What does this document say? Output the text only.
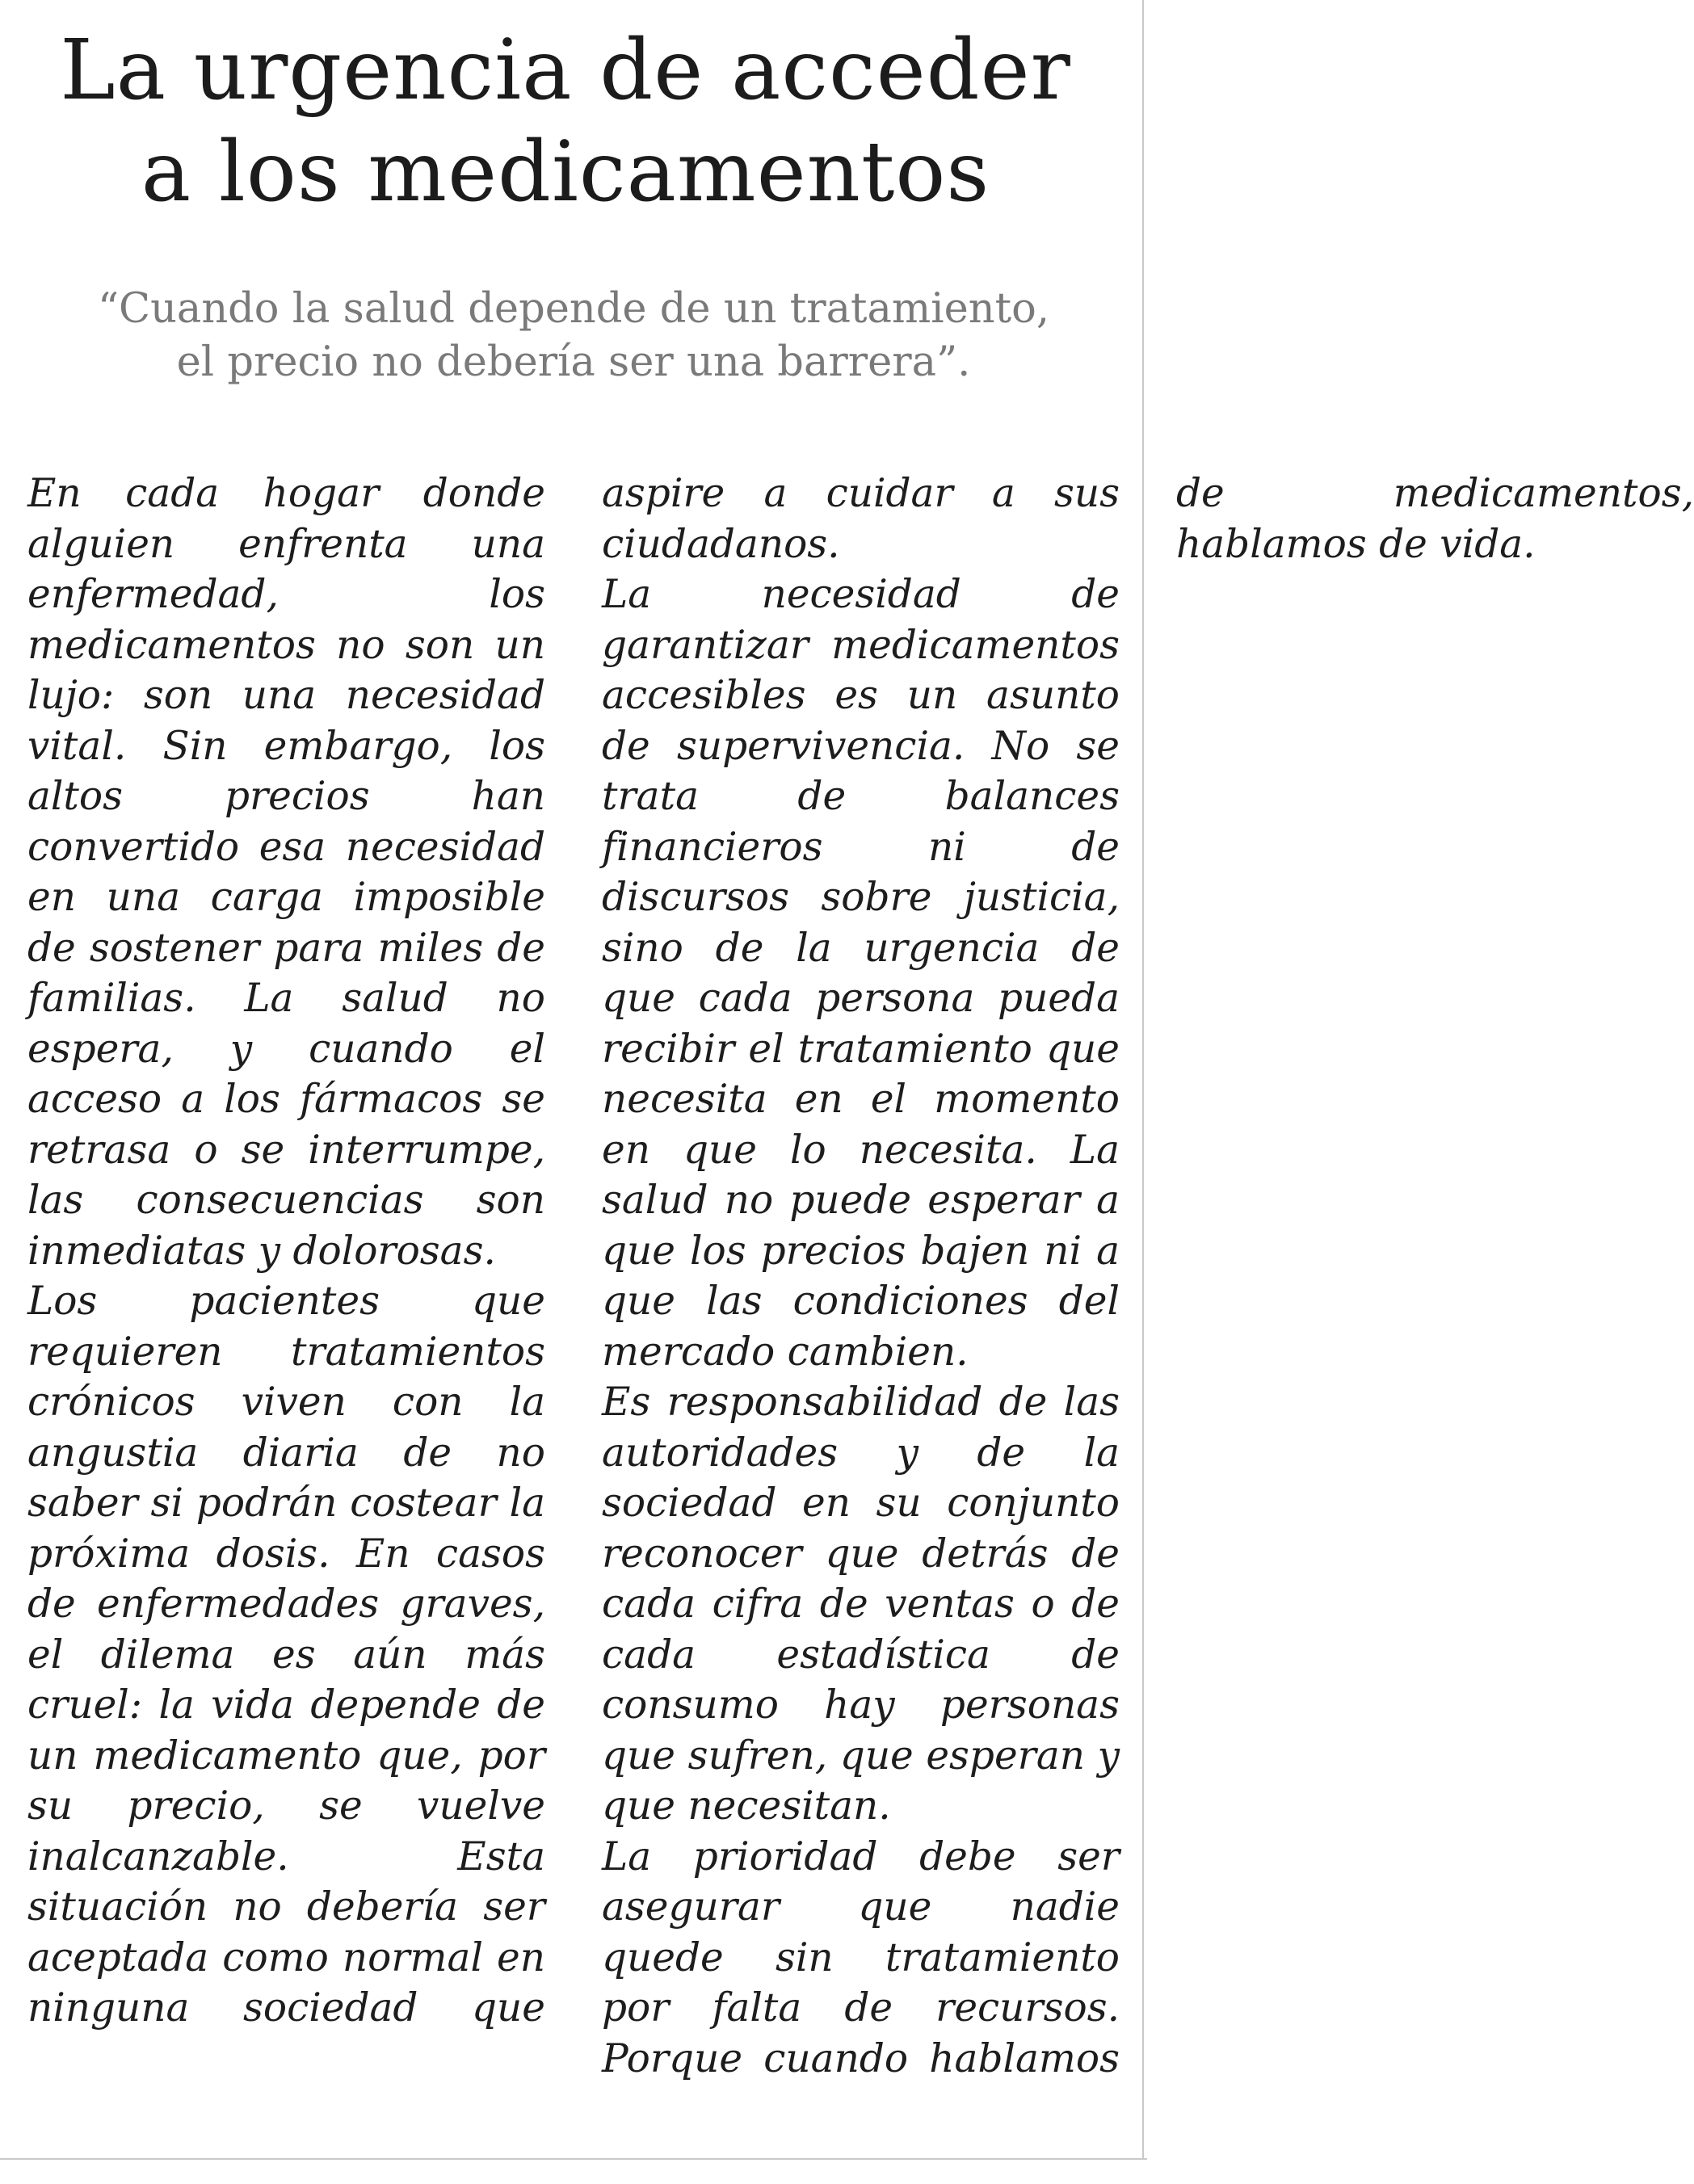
La urgencia de acceder a los medicamentos

“Cuando la salud depende de un tratamiento, el precio no debería ser una barrera”.

En cada hogar donde alguien enfrenta una enfermedad, los medicamentos no son un lujo: son una necesidad vital. Sin embargo, los altos precios han convertido esa necesidad en una carga imposible de sostener para miles de familias. La salud no espera, y cuando el acceso a los fármacos se retrasa o se interrumpe, las consecuencias son inmediatas y dolorosas.

Los pacientes que requieren tratamientos crónicos viven con la angustia diaria de no saber si podrán costear la próxima dosis. En casos de enfermedades graves, el dilema es aún más cruel: la vida depende de un medicamento que, por su precio, se vuelve inalcanzable. Esta situación no debería ser aceptada como normal en ninguna sociedad que aspire a cuidar a sus ciudadanos.

La necesidad de garantizar medicamentos accesibles es un asunto de supervivencia. No se trata de balances financieros ni de discursos sobre justicia, sino de la urgencia de que cada persona pueda recibir el tratamiento que necesita en el momento en que lo necesita. La salud no puede esperar a que los precios bajen ni a que las condiciones del mercado cambien.

Es responsabilidad de las autoridades y de la sociedad en su conjunto reconocer que detrás de cada cifra de ventas o de cada estadística de consumo hay personas que sufren, que esperan y que necesitan.

La prioridad debe ser asegurar que nadie quede sin tratamiento por falta de recursos. Porque cuando hablamos de medicamentos, hablamos de vida.
